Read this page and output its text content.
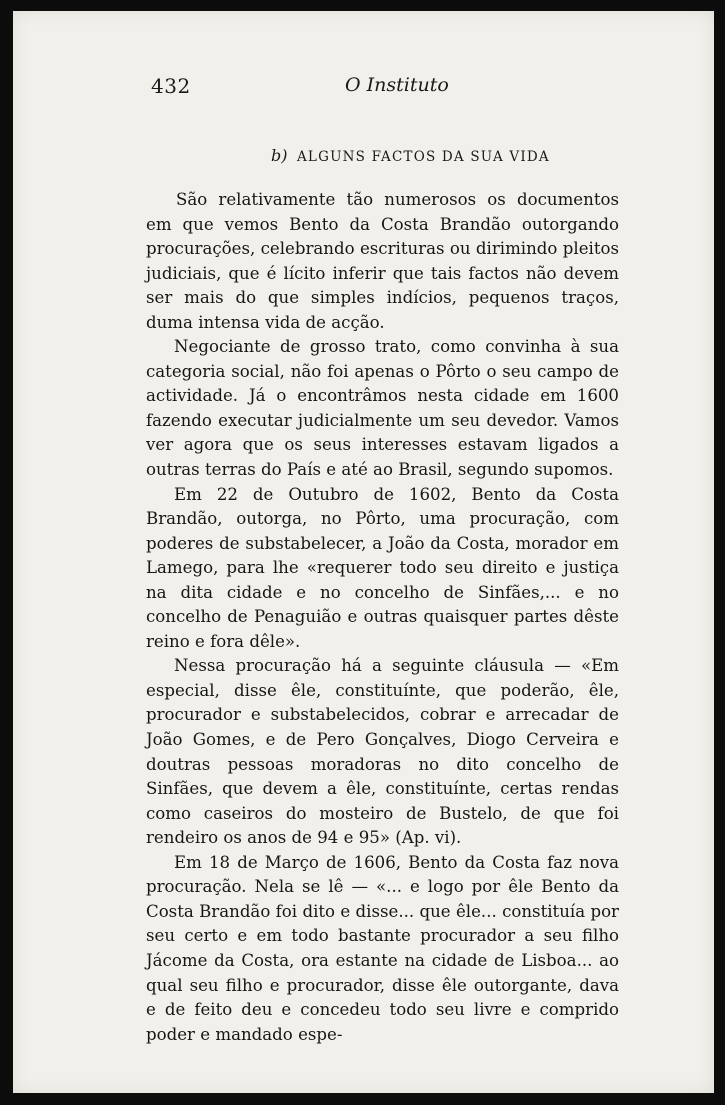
432	O Instituto
b) ALGUNS FACTOS DA SUA VIDA

São relativamente tão numerosos os documentos em que vemos Bento da Costa Brandão outorgando procurações, celebrando escrituras ou dirimindo pleitos judiciais, que é lícito inferir que tais factos não devem ser mais do que simples indícios, pequenos traços, duma intensa vida de acção.

Negociante de grosso trato, como convinha à sua categoria social, não foi apenas o Pôrto o seu campo de actividade. Já o encontrâmos nesta cidade em 1600 fazendo executar judicialmente um seu devedor. Vamos ver agora que os seus interesses estavam ligados a outras terras do País e até ao Brasil, segundo supomos.

Em 22 de Outubro de 1602, Bento da Costa Brandão, outorga, no Pôrto, uma procuração, com poderes de substabelecer, a João da Costa, morador em Lamego, para lhe «requerer todo seu direito e justiça na dita cidade e no concelho de Sinfães,... e no concelho de Penaguião e outras quaisquer partes dêste reino e fora dêle».

Nessa procuração há a seguinte cláusula — «Em especial, disse êle, constituínte, que poderão, êle, procurador e substabelecidos, cobrar e arrecadar de João Gomes, e de Pero Gonçalves, Diogo Cerveira e doutras pessoas moradoras no dito concelho de Sinfães, que devem a êle, constituínte, certas rendas como caseiros do mosteiro de Bustelo, de que foi rendeiro os anos de 94 e 95» (Ap. vi).

Em 18 de Março de 1606, Bento da Costa faz nova procuração. Nela se lê — «... e logo por êle Bento da Costa Brandão foi dito e disse... que êle... constituía por seu certo e em todo bastante procurador a seu filho Jácome da Costa, ora estante na cidade de Lisboa... ao qual seu filho e procurador, disse êle outorgante, dava e de feito deu e concedeu todo seu livre e comprido poder e mandado espe-
